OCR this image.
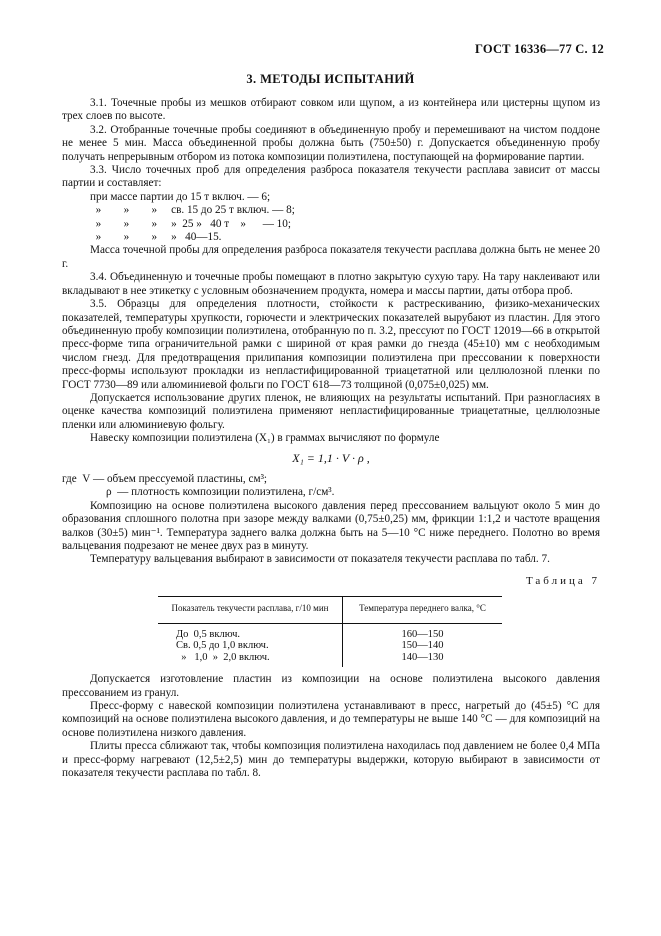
ГОСТ 16336—77 С. 12
3. МЕТОДЫ ИСПЫТАНИЙ

3.1. Точечные пробы из мешков отбирают совком или щупом, а из контейнера или цистерны щупом из трех слоев по высоте.

3.2. Отобранные точечные пробы соединяют в объединенную пробу и перемешивают на чистом поддоне не менее 5 мин. Масса объединенной пробы должна быть (750±50) г. Допускается объединенную пробу получать непрерывным отбором из потока композиции полиэтилена, поступающей на формирование партии.

3.3. Число точечных проб для определения разброса показателя текучести расплава зависит от массы партии и составляет:

при массе партии до 15 т включ. — 6;

»        »        »     св. 15 до 25 т включ. — 8;

»        »        »     »  25 »   40 т    »      — 10;

»        »        »     »   40—15.

Масса точечной пробы для определения разброса показателя текучести расплава должна быть не менее 20 г.

3.4. Объединенную и точечные пробы помещают в плотно закрытую сухую тару. На тару наклеивают или вкладывают в нее этикетку с условным обозначением продукта, номера и массы партии, даты отбора проб.

3.5. Образцы для определения плотности, стойкости к растрескиванию, физико-механических показателей, температуры хрупкости, горючести и электрических показателей вырубают из пластин. Для этого объединенную пробу композиции полиэтилена, отобранную по п. 3.2, прессуют по ГОСТ 12019—66 в открытой пресс-форме типа ограничительной рамки с шириной от края рамки до гнезда (45±10) мм с необходимым числом гнезд. Для предотвращения прилипания композиции полиэтилена при прессовании к поверхности пресс-формы используют прокладки из непластифицированной триацетатной или целлюлозной пленки по ГОСТ 7730—89 или алюминиевой фольги по ГОСТ 618—73 толщиной (0,075±0,025) мм.

Допускается использование других пленок, не влияющих на результаты испытаний. При разногласиях в оценке качества композиций полиэтилена применяют непластифицированные триацетатные, целлюлозные пленки или алюминиевую фольгу.

Навеску композиции полиэтилена (X₁) в граммах вычисляют по формуле

X₁ = 1,1 · V · ρ ,

где  V — объем прессуемой пластины, см³;

ρ  — плотность композиции полиэтилена, г/см³.

Композицию на основе полиэтилена высокого давления перед прессованием вальцуют около 5 мин до образования сплошного полотна при зазоре между валками (0,75±0,25) мм, фрикции 1:1,2 и частоте вращения валков (30±5) мин⁻¹. Температура заднего валка должна быть на 5—10 °С ниже переднего. Полотно во время вальцевания подрезают не менее двух раз в минуту.

Температуру вальцевания выбирают в зависимости от показателя текучести расплава по табл. 7.

Таблица 7
Показатель текучести расплава, г/10 мин	Температура переднего валка, °С
До  0,5 включ.	160—150
Св. 0,5 до 1,0 включ.	150—140
»   1,0  »  2,0 включ.	140—130

Допускается изготовление пластин из композиции на основе полиэтилена высокого давления прессованием из гранул.

Пресс-форму с навеской композиции полиэтилена устанавливают в пресс, нагретый до (45±5) °С для композиций на основе полиэтилена высокого давления, и до температуры не выше 140 °С — для композиций на основе полиэтилена низкого давления.

Плиты пресса сближают так, чтобы композиция полиэтилена находилась под давлением не более 0,4 МПа и пресс-форму нагревают (12,5±2,5) мин до температуры выдержки, которую выбирают в зависимости от показателя текучести расплава по табл. 8.
